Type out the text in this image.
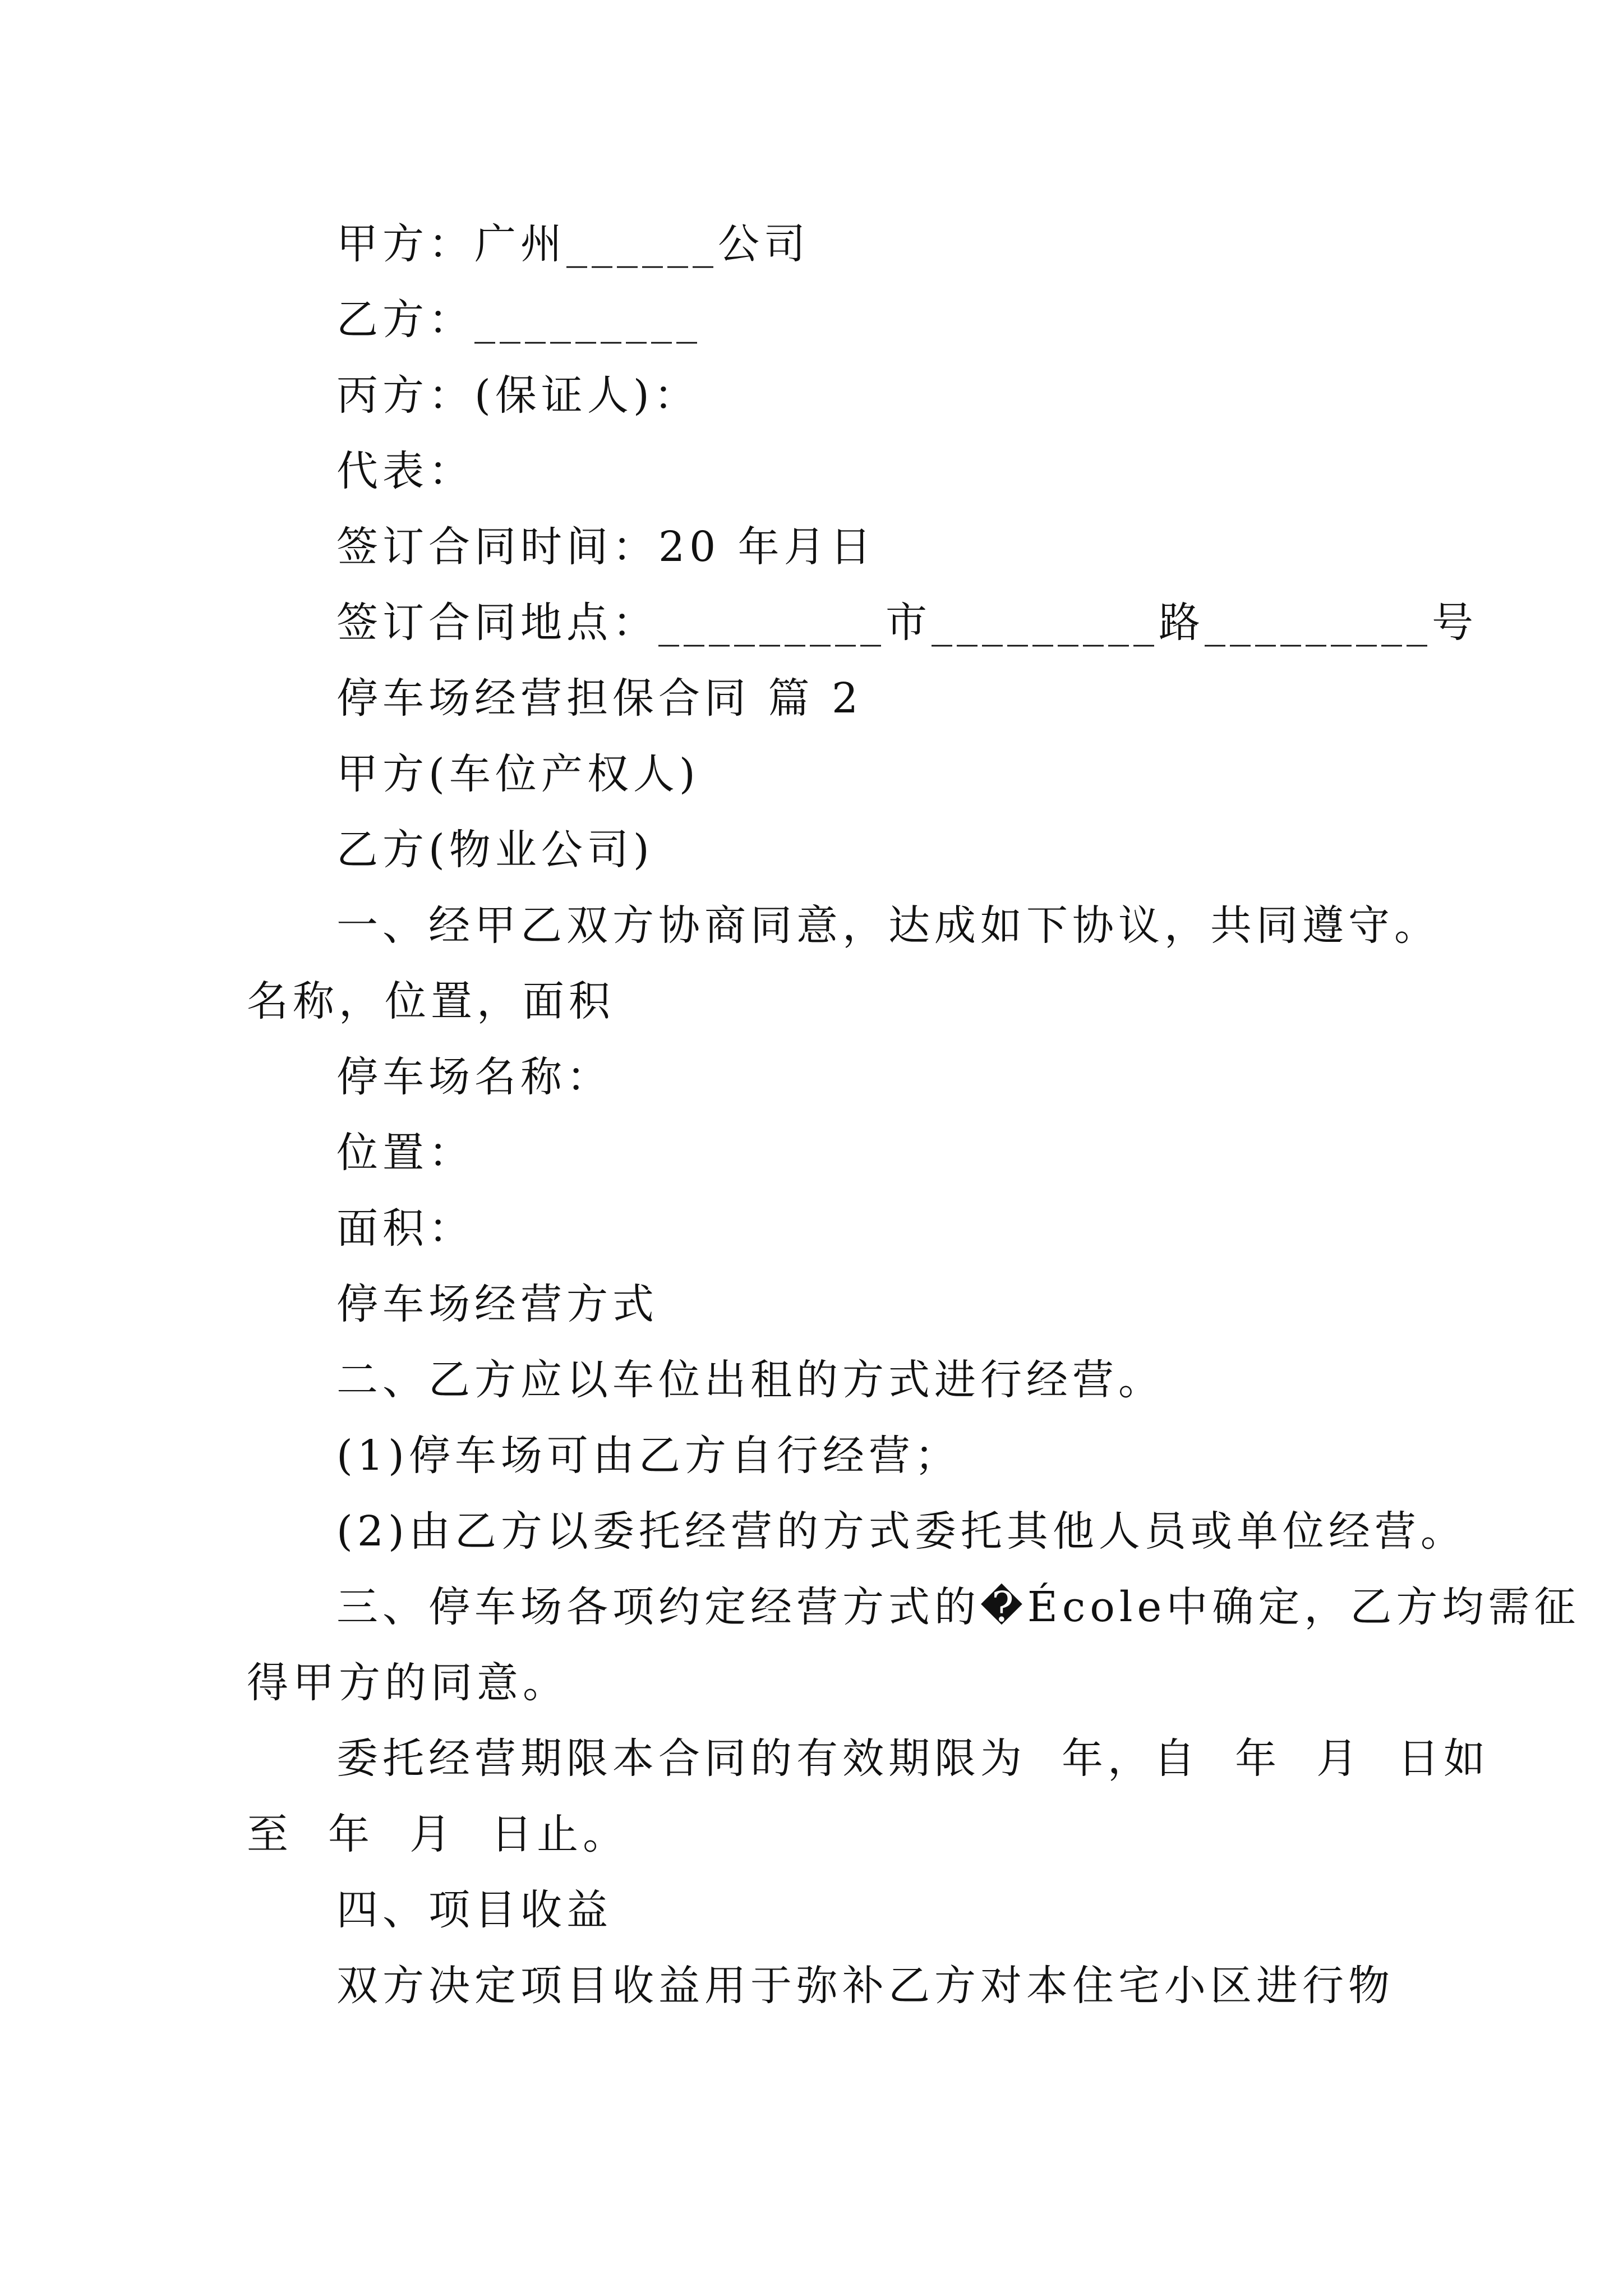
甲方：广州______公司
乙方：_________
丙方：(保证人)：
代表：
签订合同时间：20 年月日
签订合同地点：_________市_________路_________号
停车场经营担保合同 篇 2
甲方(车位产权人)
乙方(物业公司)
一、经甲乙双方协商同意，达成如下协议，共同遵守。
名称，位置，面积
停车场名称：
位置：
面积：
停车场经营方式
二、乙方应以车位出租的方式进行经营。
(1)停车场可由乙方自行经营；
(2)由乙方以委托经营的方式委托其他人员或单位经营。
三、停车场各项约定经营方式的�École中确定，乙方均需征
得甲方的同意。
委托经营期限本合同的有效期限为  年，自  年  月  日如
至  年  月  日止。
四、项目收益
双方决定项目收益用于弥补乙方对本住宅小区进行物
